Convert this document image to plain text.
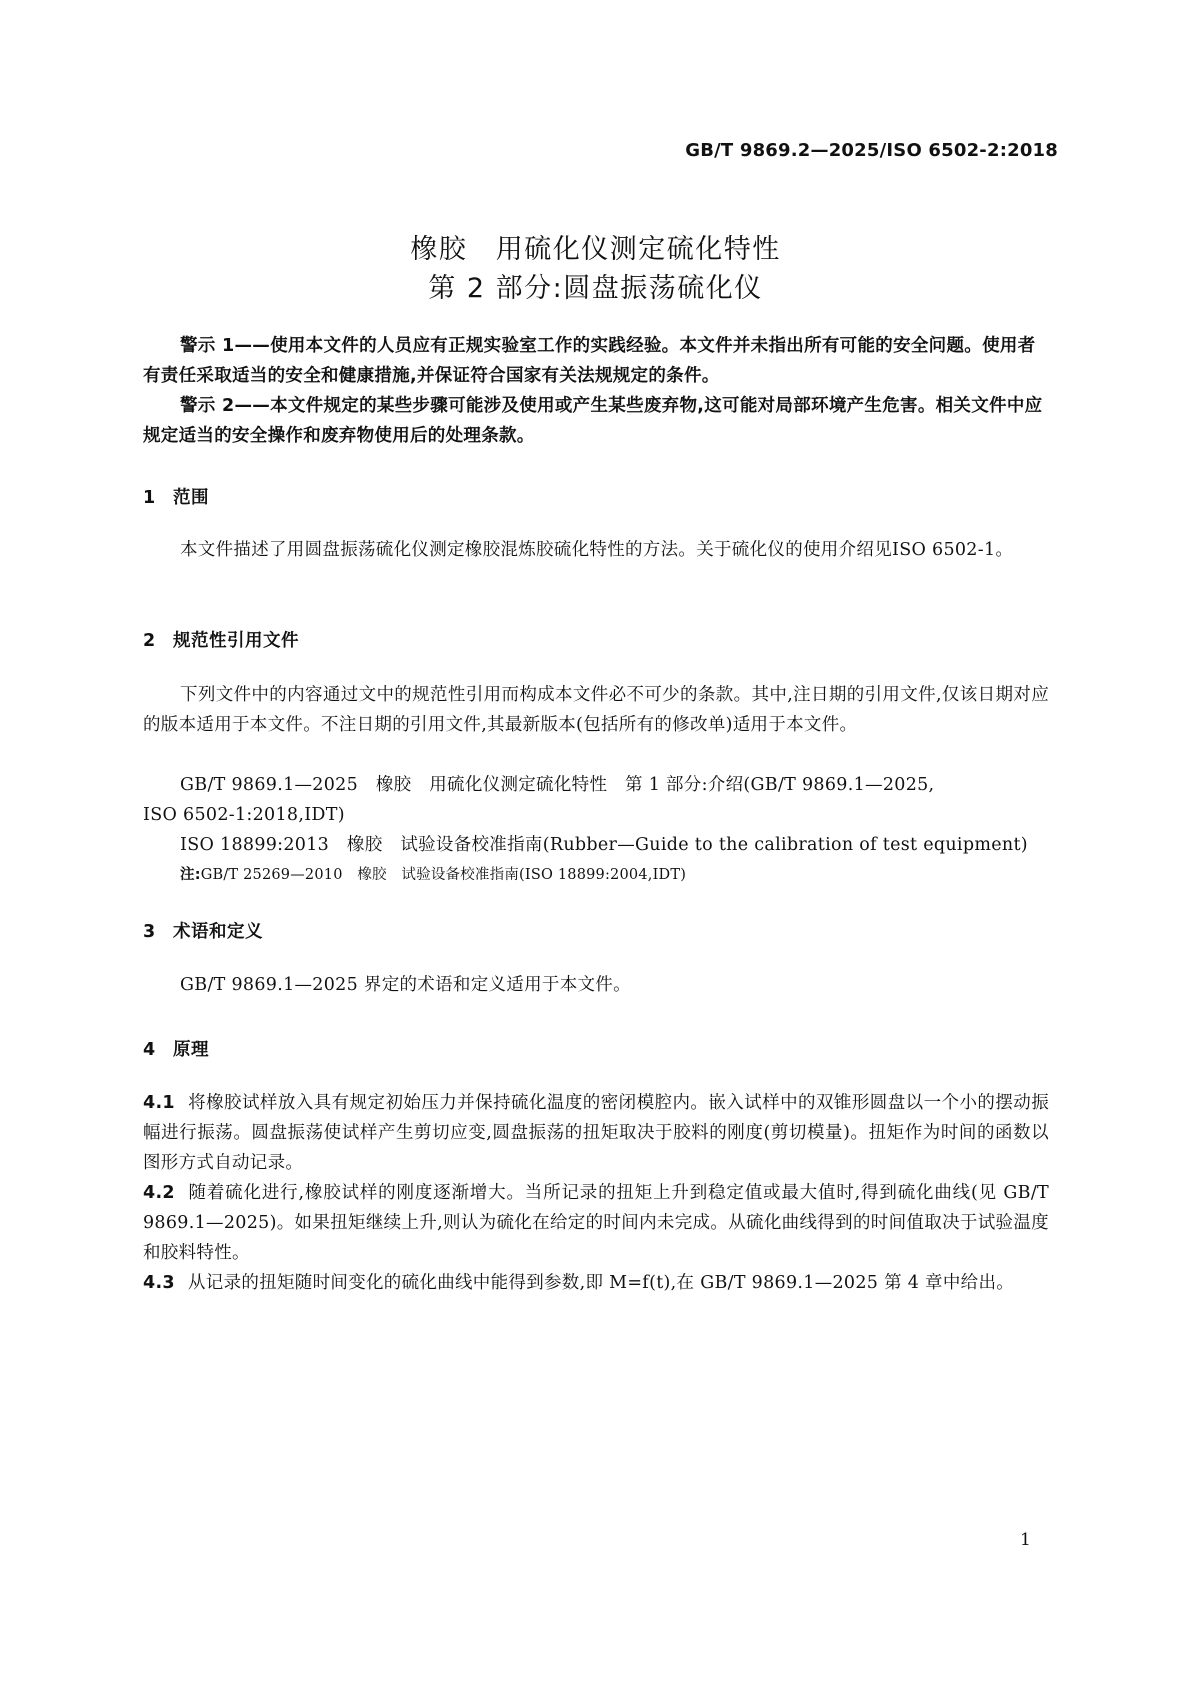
GB/T 9869.2—2025/ISO 6502-2:2018
橡胶　用硫化仪测定硫化特性
第 2 部分:圆盘振荡硫化仪
警示 1——使用本文件的人员应有正规实验室工作的实践经验。本文件并未指出所有可能的安全问题。使用者有责任采取适当的安全和健康措施,并保证符合国家有关法规规定的条件。
警示 2——本文件规定的某些步骤可能涉及使用或产生某些废弃物,这可能对局部环境产生危害。相关文件中应规定适当的安全操作和废弃物使用后的处理条款。
1 范围
本文件描述了用圆盘振荡硫化仪测定橡胶混炼胶硫化特性的方法。关于硫化仪的使用介绍见ISO 6502-1。
2 规范性引用文件
下列文件中的内容通过文中的规范性引用而构成本文件必不可少的条款。其中,注日期的引用文件,仅该日期对应的版本适用于本文件。不注日期的引用文件,其最新版本(包括所有的修改单)适用于本文件。
GB/T 9869.1—2025　橡胶　用硫化仪测定硫化特性　第 1 部分:介绍(GB/T 9869.1—2025,
ISO 6502-1:2018,IDT)
ISO 18899:2013　橡胶　试验设备校准指南(Rubber—Guide to the calibration of test equipment)
注:GB/T 25269—2010　橡胶　试验设备校准指南(ISO 18899:2004,IDT)
3 术语和定义
GB/T 9869.1—2025 界定的术语和定义适用于本文件。
4 原理
4.1 将橡胶试样放入具有规定初始压力并保持硫化温度的密闭模腔内。嵌入试样中的双锥形圆盘以一个小的摆动振幅进行振荡。圆盘振荡使试样产生剪切应变,圆盘振荡的扭矩取决于胶料的刚度(剪切模量)。扭矩作为时间的函数以图形方式自动记录。
4.2 随着硫化进行,橡胶试样的刚度逐渐增大。当所记录的扭矩上升到稳定值或最大值时,得到硫化曲线(见 GB/T 9869.1—2025)。如果扭矩继续上升,则认为硫化在给定的时间内未完成。从硫化曲线得到的时间值取决于试验温度和胶料特性。
4.3 从记录的扭矩随时间变化的硫化曲线中能得到参数,即 M=f(t),在 GB/T 9869.1—2025 第 4 章中给出。
1
